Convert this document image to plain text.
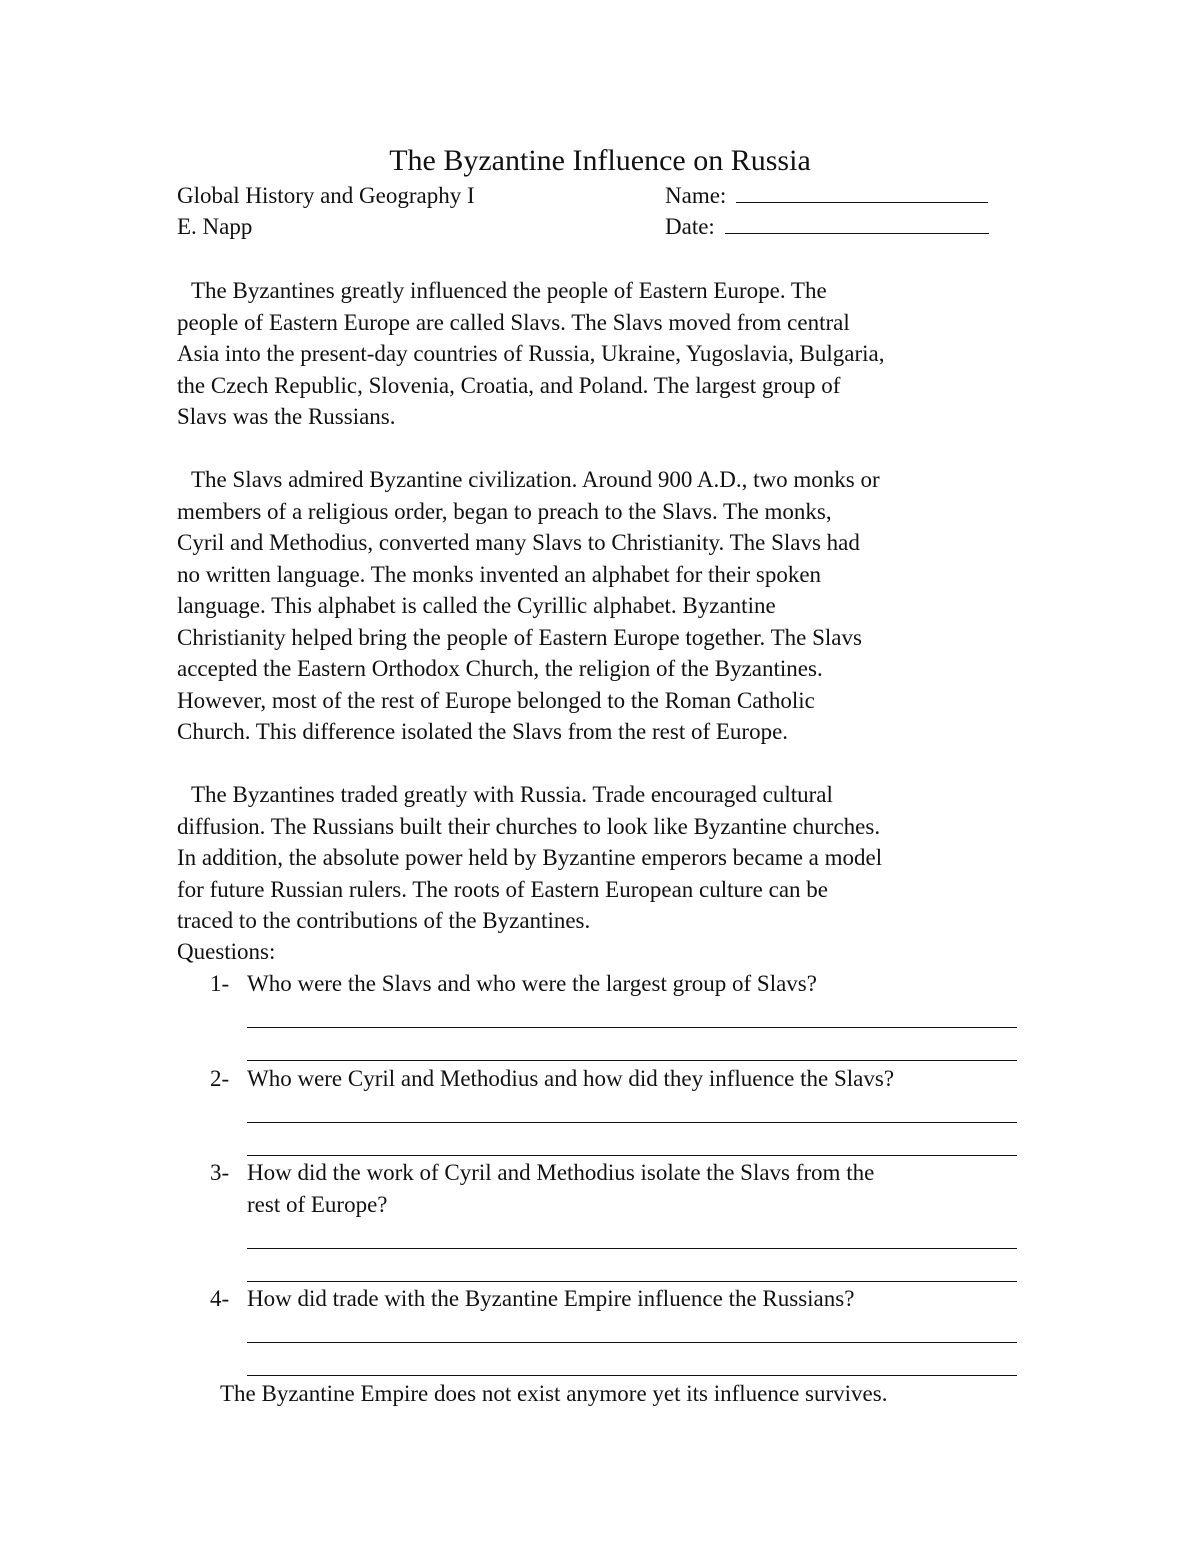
The Byzantine Influence on Russia
Global History and Geography I
E. Napp
Name:
Date:
The Byzantines greatly influenced the people of Eastern Europe. The
people of Eastern Europe are called Slavs. The Slavs moved from central
Asia into the present-day countries of Russia, Ukraine, Yugoslavia, Bulgaria,
the Czech Republic, Slovenia, Croatia, and Poland. The largest group of
Slavs was the Russians.
The Slavs admired Byzantine civilization. Around 900 A.D., two monks or
members of a religious order, began to preach to the Slavs. The monks,
Cyril and Methodius, converted many Slavs to Christianity. The Slavs had
no written language. The monks invented an alphabet for their spoken
language. This alphabet is called the Cyrillic alphabet. Byzantine
Christianity helped bring the people of Eastern Europe together. The Slavs
accepted the Eastern Orthodox Church, the religion of the Byzantines.
However, most of the rest of Europe belonged to the Roman Catholic
Church. This difference isolated the Slavs from the rest of Europe.
The Byzantines traded greatly with Russia. Trade encouraged cultural
diffusion. The Russians built their churches to look like Byzantine churches.
In addition, the absolute power held by Byzantine emperors became a model
for future Russian rulers. The roots of Eastern European culture can be
traced to the contributions of the Byzantines.
Questions:
1- Who were the Slavs and who were the largest group of Slavs?
2- Who were Cyril and Methodius and how did they influence the Slavs?
3- How did the work of Cyril and Methodius isolate the Slavs from the
rest of Europe?
4- How did trade with the Byzantine Empire influence the Russians?
The Byzantine Empire does not exist anymore yet its influence survives.
